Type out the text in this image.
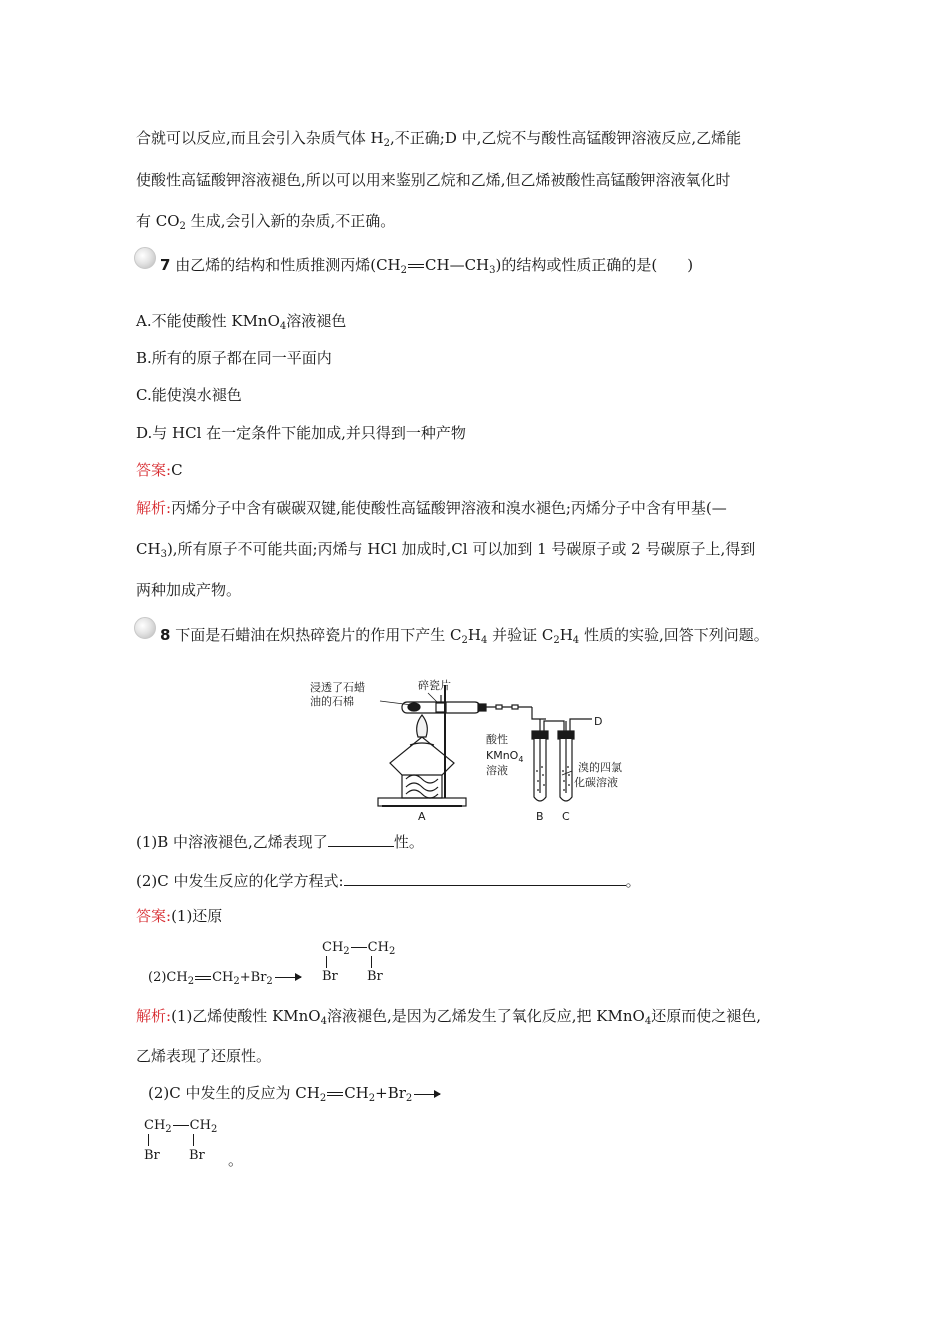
合就可以反应,而且会引入杂质气体 $H_2$,不正确;D 中,乙烷不与酸性高锰酸钾溶液反应,乙烯能
使酸性高锰酸钾溶液褪色,所以可以用来鉴别乙烷和乙烯,但乙烯被酸性高锰酸钾溶液氧化时
有 $CO_2$ 生成,会引入新的杂质,不正确。
7 由乙烯的结构和性质推测丙烯($CH_2$ $CH—CH_3$)的结构或性质正确的是(　　)
A.不能使酸性 KMnO$_4$溶液褪色
B.所有的原子都在同一平面内
C.能使溴水褪色
D.与 HCl 在一定条件下能加成,并只得到一种产物
答案:C
解析:丙烯分子中含有碳碳双键,能使酸性高锰酸钾溶液和溴水褪色;丙烯分子中含有甲基(—
$CH_3$),所有原子不可能共面;丙烯与 HCl 加成时,Cl 可以加到 1 号碳原子或 2 号碳原子上,得到
两种加成产物。
8 下面是石蜡油在炽热碎瓷片的作用下产生 $C_2H_4$ 并验证 $C_2H_4$ 性质的实验,回答下列问题。
浸透了石蜡
油的石棉
碎瓷片
酸性
KMnO$_4$
溶液	溴的四氯
化碳溶液
A	B C
D
(1)B 中溶液褪色,乙烯表现了	性。
(2)C 中发生反应的化学方程式:	。
答案:(1)还原
$(2)CH_2$ $CH_2+Br_2$ →
$CH_2$ $CH_2$
Br Br
解析:(1)乙烯使酸性 KMnO$_4$溶液褪色,是因为乙烯发生了氧化反应,把 KMnO$_4$还原而使之褪色,
乙烯表现了还原性。
(2)C 中发生的反应为 $CH_2$ $CH_2+Br_2$ →
$CH_2$ $CH_2$
Br Br 。
